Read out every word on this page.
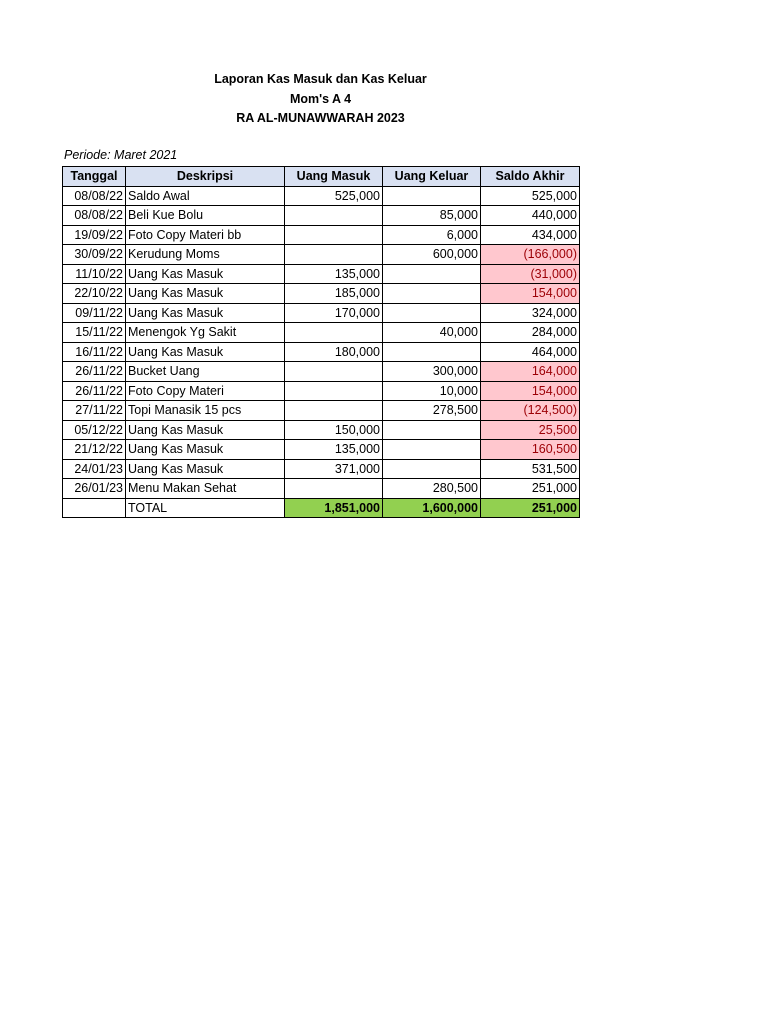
Laporan Kas Masuk dan Kas Keluar
Mom's A 4
RA AL-MUNAWWARAH 2023
Periode: Maret 2021
Tanggal	Deskripsi	Uang Masuk	Uang Keluar	Saldo Akhir
08/08/22	Saldo Awal	525,000		525,000
08/08/22	Beli Kue Bolu		85,000	440,000
19/09/22	Foto Copy Materi bb		6,000	434,000
30/09/22	Kerudung Moms		600,000	(166,000)
11/10/22	Uang Kas Masuk	135,000		(31,000)
22/10/22	Uang Kas Masuk	185,000		154,000
09/11/22	Uang Kas Masuk	170,000		324,000
15/11/22	Menengok Yg Sakit		40,000	284,000
16/11/22	Uang Kas Masuk	180,000		464,000
26/11/22	Bucket Uang		300,000	164,000
26/11/22	Foto Copy Materi		10,000	154,000
27/11/22	Topi Manasik 15 pcs		278,500	(124,500)
05/12/22	Uang Kas Masuk	150,000		25,500
21/12/22	Uang Kas Masuk	135,000		160,500
24/01/23	Uang Kas Masuk	371,000		531,500
26/01/23	Menu Makan Sehat		280,500	251,000
	TOTAL	1,851,000	1,600,000	251,000
